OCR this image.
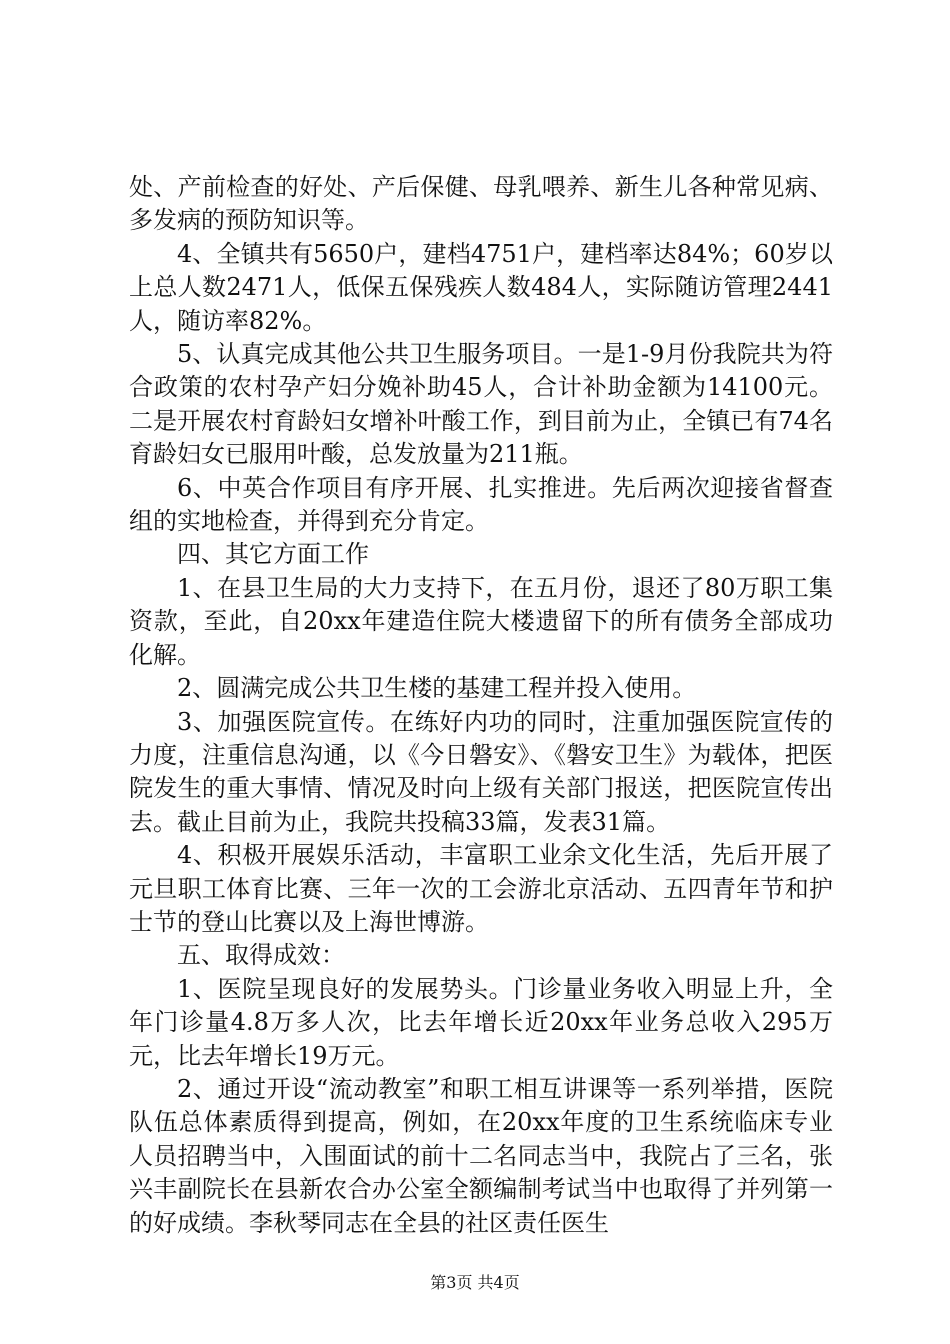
处、产前检查的好处、产后保健、母乳喂养、新生儿各种常见病、多发病的预防知识等。

4、全镇共有5650户，建档4751户，建档率达84%；60岁以上总人数2471人，低保五保残疾人数484人，实际随访管理2441人，随访率82%。

5、认真完成其他公共卫生服务项目。一是1-9月份我院共为符合政策的农村孕产妇分娩补助45人，合计补助金额为14100元。二是开展农村育龄妇女增补叶酸工作，到目前为止，全镇已有74名育龄妇女已服用叶酸，总发放量为211瓶。

6、中英合作项目有序开展、扎实推进。先后两次迎接省督查组的实地检查，并得到充分肯定。

四、其它方面工作

1、在县卫生局的大力支持下，在五月份，退还了80万职工集资款，至此，自20xx年建造住院大楼遗留下的所有债务全部成功化解。

2、圆满完成公共卫生楼的基建工程并投入使用。

3、加强医院宣传。在练好内功的同时，注重加强医院宣传的力度，注重信息沟通，以《今日磐安》、《磐安卫生》为载体，把医院发生的重大事情、情况及时向上级有关部门报送，把医院宣传出去。截止目前为止，我院共投稿33篇，发表31篇。

4、积极开展娱乐活动，丰富职工业余文化生活，先后开展了元旦职工体育比赛、三年一次的工会游北京活动、五四青年节和护士节的登山比赛以及上海世博游。

五、取得成效：

1、医院呈现良好的发展势头。门诊量业务收入明显上升，全年门诊量4.8万多人次，比去年增长近20xx年业务总收入295万元，比去年增长19万元。

2、通过开设“流动教室”和职工相互讲课等一系列举措，医院队伍总体素质得到提高，例如，在20xx年度的卫生系统临床专业人员招聘当中，入围面试的前十二名同志当中，我院占了三名，张兴丰副院长在县新农合办公室全额编制考试当中也取得了并列第一的好成绩。李秋琴同志在全县的社区责任医生

第3页 共4页
